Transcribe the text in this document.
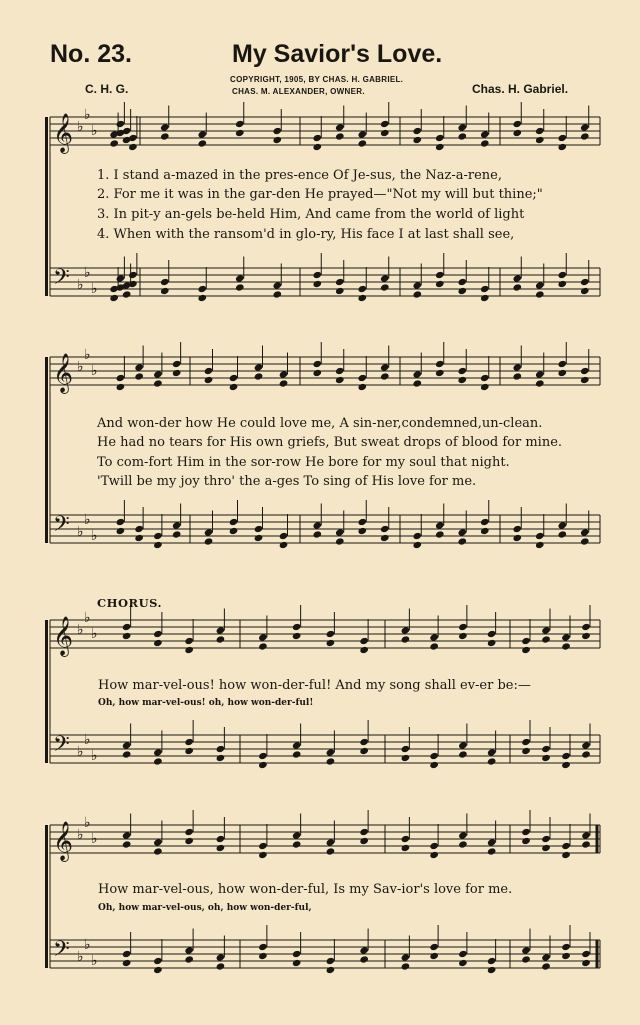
No. 23.	My Savior's Love.
COPYRIGHT, 1905, BY CHAS. H. GABRIEL.
CHAS. M. ALEXANDER, OWNER.
C. H. G.	Chas. H. Gabriel.
1. I stand a-mazed in the pres-ence Of Je-sus, the Naz-a-rene,
2. For me it was in the gar-den He prayed—"Not my will but thine;"
3. In pit-y an-gels be-held Him, And came from the world of light
4. When with the ransom'd in glo-ry, His face I at last shall see,
And won-der how He could love me, A sin-ner,condemned,un-clean.
He had no tears for His own griefs, But sweat drops of blood for mine.
To com-fort Him in the sor-row He bore for my soul that night.
'Twill be my joy thro' the a-ges To sing of His love for me.
CHORUS.
How mar-vel-ous! how won-der-ful! And my song shall ev-er be:—
Oh, how mar-vel-ous! oh, how won-der-ful!
How mar-vel-ous, how won-der-ful, Is my Sav-ior's love for me.
Oh, how mar-vel-ous, oh, how won-der-ful,
𝄞 ♭
♭
♭
𝄢 ♭
♭
♭
𝄞 ♭
♭
♭
𝄢 ♭
♭
♭
𝄞 ♭
♭
♭
𝄢 ♭
♭
♭
𝄞 ♭
♭
♭
𝄢 ♭
♭
♭
